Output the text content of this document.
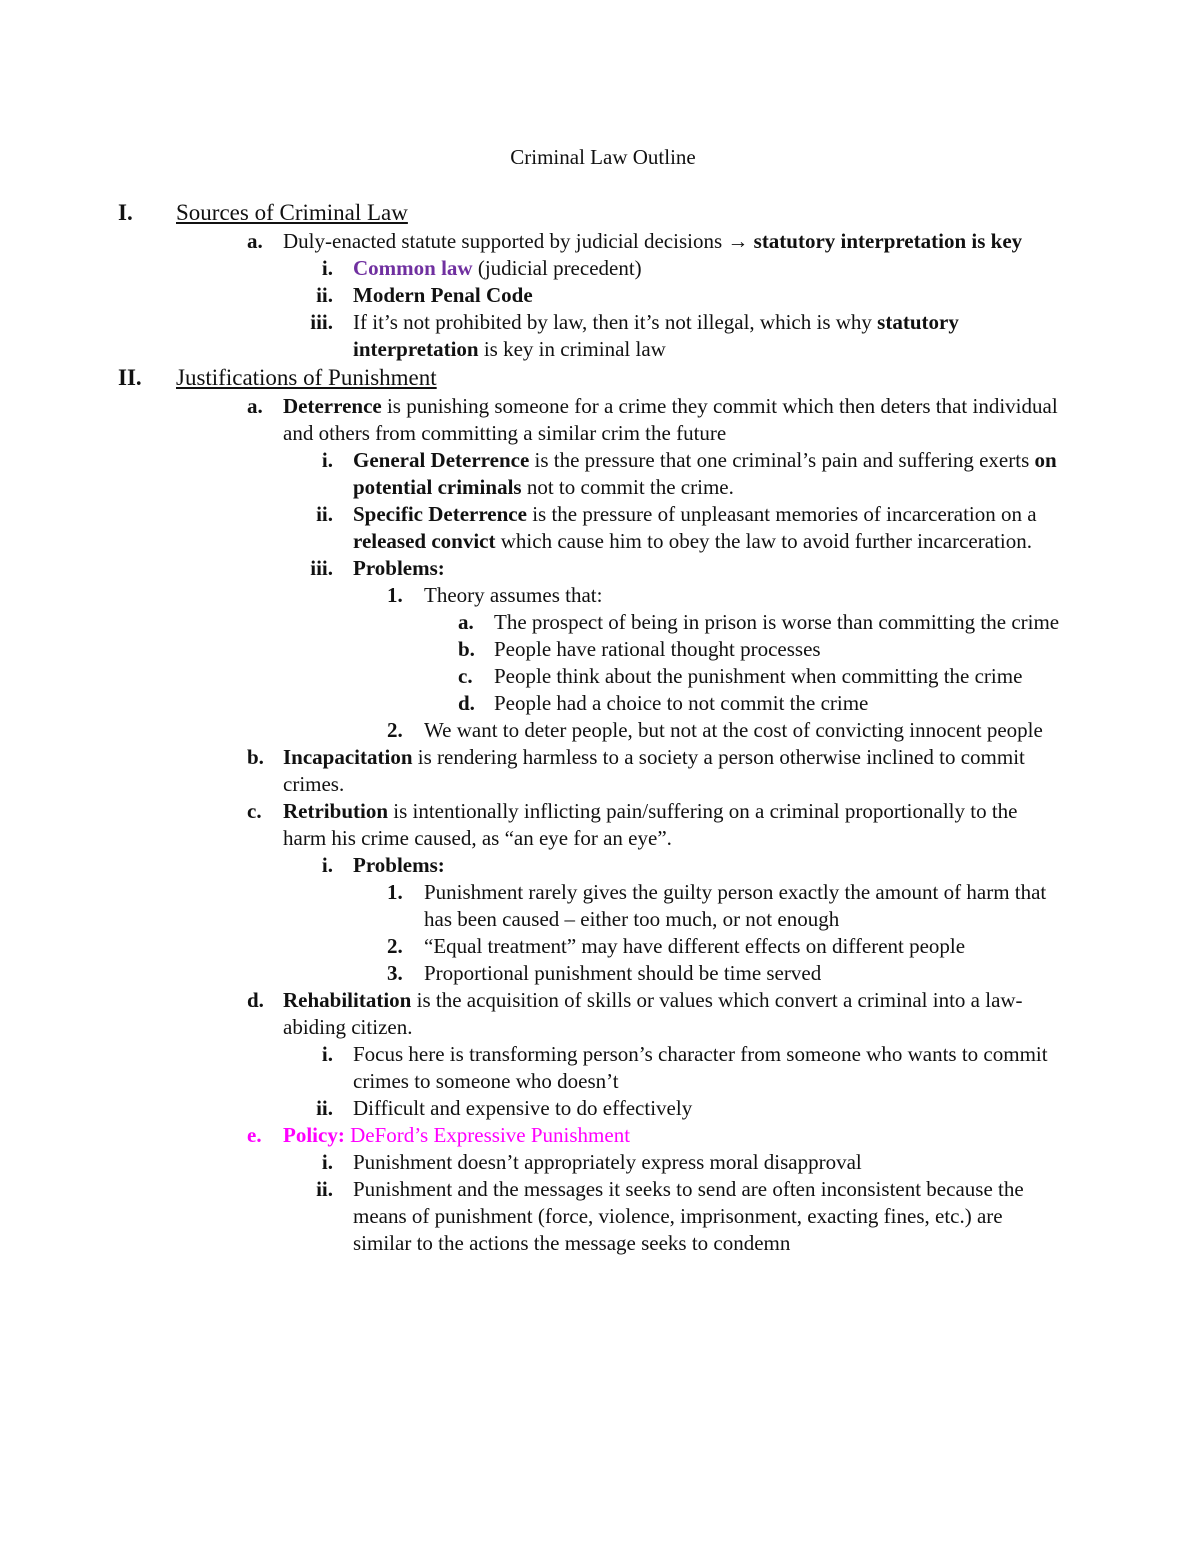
Criminal Law Outline
I. Sources of Criminal Law
a. Duly-enacted statute supported by judicial decisions → statutory interpretation is key
i. Common law (judicial precedent)
ii. Modern Penal Code
iii. If it’s not prohibited by law, then it’s not illegal, which is why statutory interpretation is key in criminal law
II. Justifications of Punishment
a. Deterrence is punishing someone for a crime they commit which then deters that individual and others from committing a similar crim the future
i. General Deterrence is the pressure that one criminal’s pain and suffering exerts on potential criminals not to commit the crime.
ii. Specific Deterrence is the pressure of unpleasant memories of incarceration on a released convict which cause him to obey the law to avoid further incarceration.
iii. Problems:
1. Theory assumes that:
a. The prospect of being in prison is worse than committing the crime
b. People have rational thought processes
c. People think about the punishment when committing the crime
d. People had a choice to not commit the crime
2. We want to deter people, but not at the cost of convicting innocent people
b. Incapacitation is rendering harmless to a society a person otherwise inclined to commit crimes.
c. Retribution is intentionally inflicting pain/suffering on a criminal proportionally to the harm his crime caused, as “an eye for an eye”.
i. Problems:
1. Punishment rarely gives the guilty person exactly the amount of harm that has been caused – either too much, or not enough
2. “Equal treatment” may have different effects on different people
3. Proportional punishment should be time served
d. Rehabilitation is the acquisition of skills or values which convert a criminal into a law-abiding citizen.
i. Focus here is transforming person’s character from someone who wants to commit crimes to someone who doesn’t
ii. Difficult and expensive to do effectively
e. Policy: DeFord’s Expressive Punishment
i. Punishment doesn’t appropriately express moral disapproval
ii. Punishment and the messages it seeks to send are often inconsistent because the means of punishment (force, violence, imprisonment, exacting fines, etc.) are similar to the actions the message seeks to condemn
